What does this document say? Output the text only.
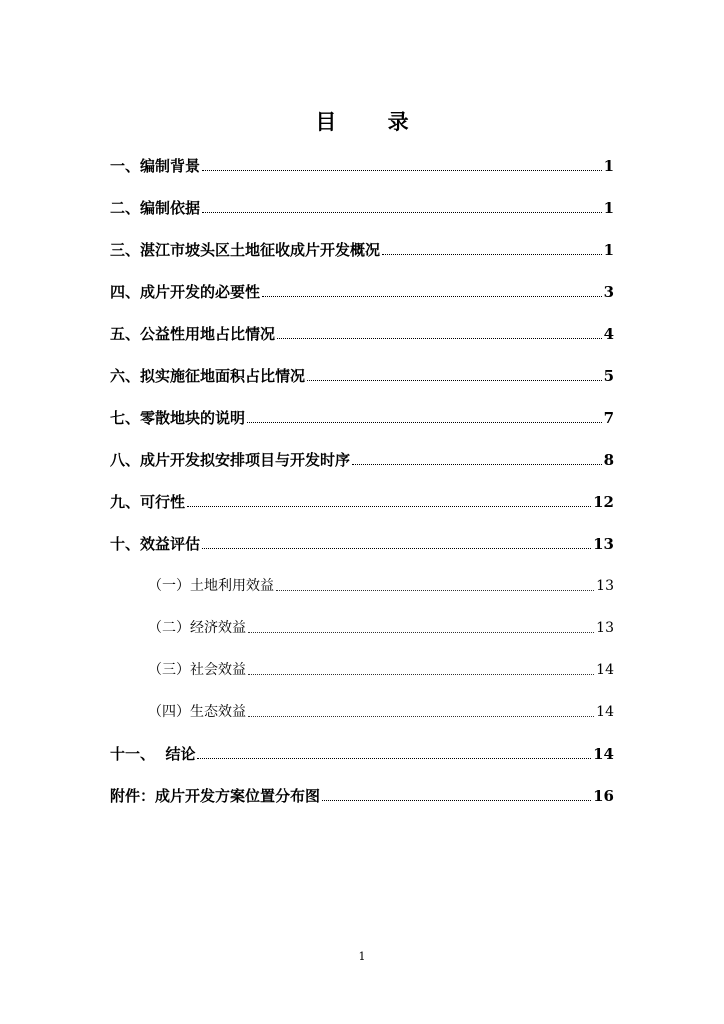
目 录
一、编制背景	1
二、编制依据	1
三、湛江市坡头区土地征收成片开发概况	1
四、成片开发的必要性	3
五、公益性用地占比情况	4
六、拟实施征地面积占比情况	5
七、零散地块的说明	7
八、成片开发拟安排项目与开发时序	8
九、可行性	12
十、效益评估	13
（一）土地利用效益	13
（二）经济效益	13
（三）社会效益	14
（四）生态效益	14
十一、  结论	14
附件：成片开发方案位置分布图	16
1
